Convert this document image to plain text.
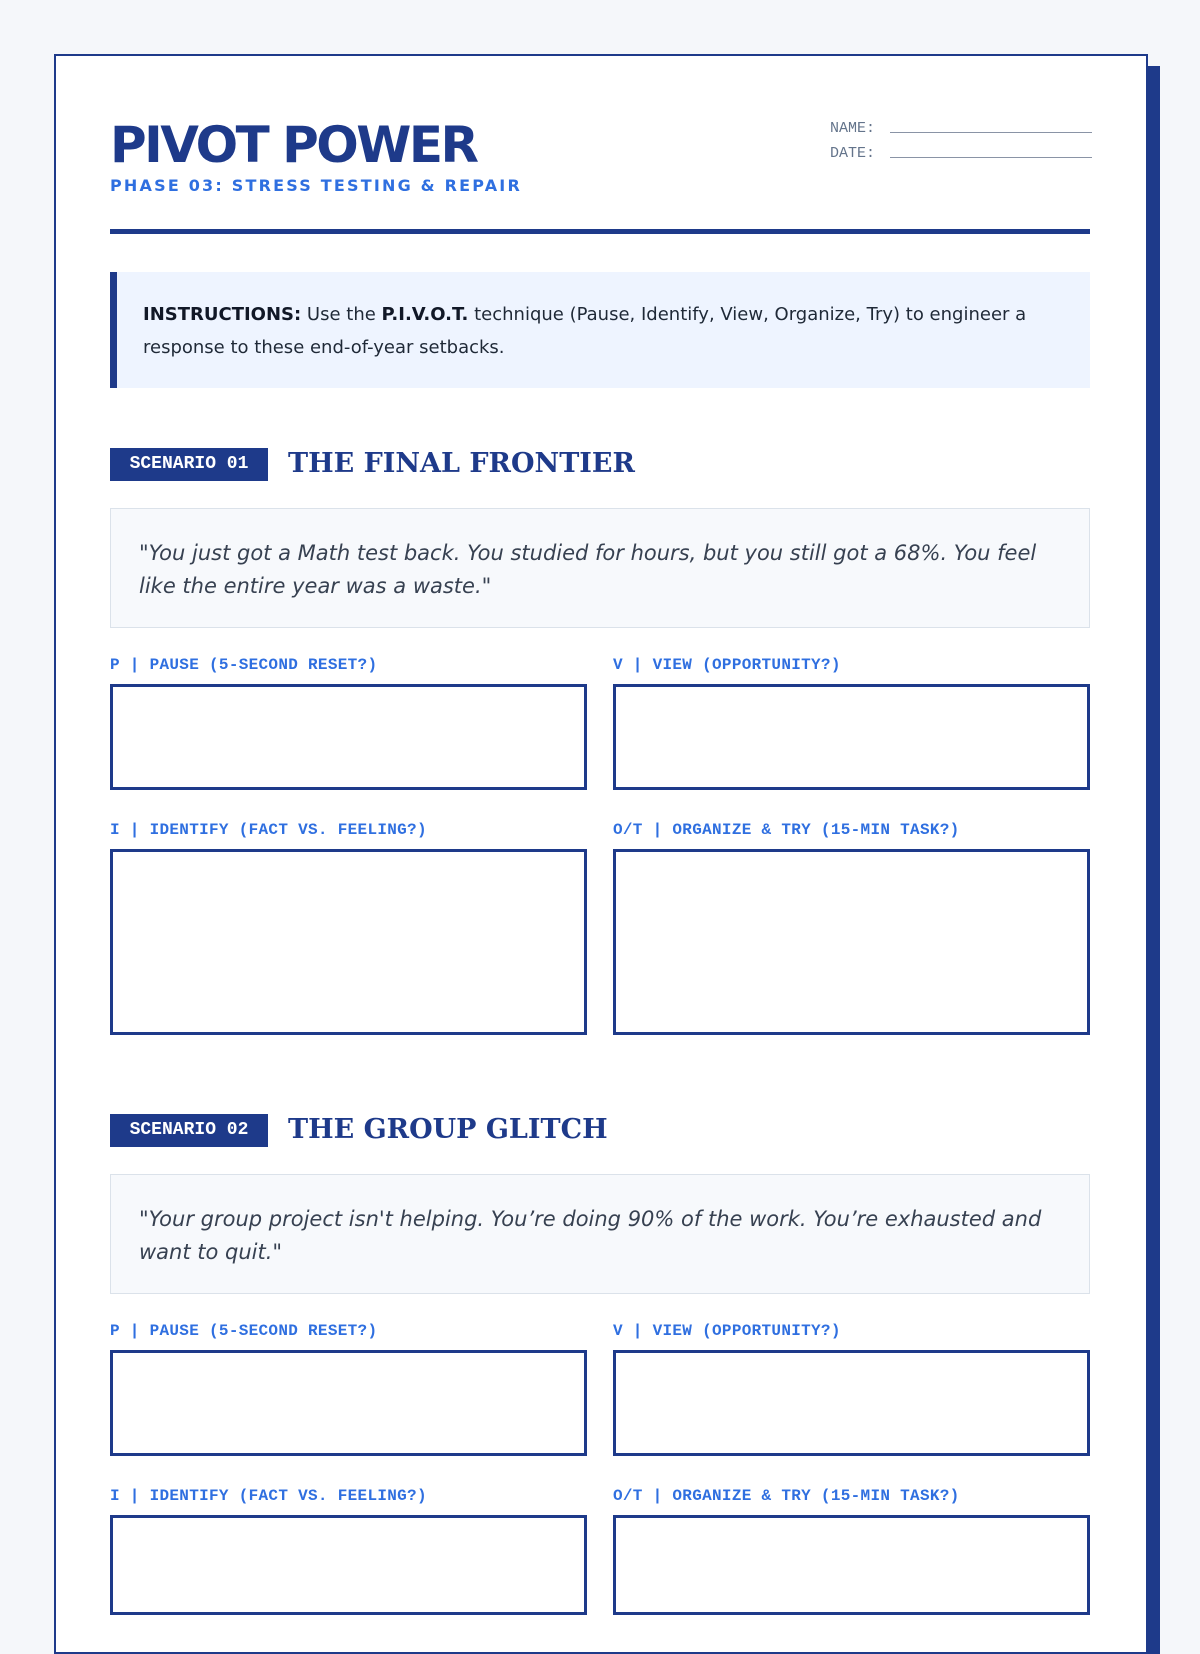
PIVOT POWER
PHASE 03: STRESS TESTING & REPAIR
NAME:
DATE:
INSTRUCTIONS: Use the P.I.V.O.T. technique (Pause, Identify, View, Organize, Try) to engineer a response to these end-of-year setbacks.
SCENARIO 01	THE FINAL FRONTIER
"You just got a Math test back. You studied for hours, but you still got a 68%. You feel like the entire year was a waste."
P | PAUSE (5-SECOND RESET?)	V | VIEW (OPPORTUNITY?)
I | IDENTIFY (FACT VS. FEELING?)	O/T | ORGANIZE & TRY (15-MIN TASK?)
SCENARIO 02	THE GROUP GLITCH
"Your group project isn't helping. You’re doing 90% of the work. You’re exhausted and want to quit."
P | PAUSE (5-SECOND RESET?)	V | VIEW (OPPORTUNITY?)
I | IDENTIFY (FACT VS. FEELING?)	O/T | ORGANIZE & TRY (15-MIN TASK?)
